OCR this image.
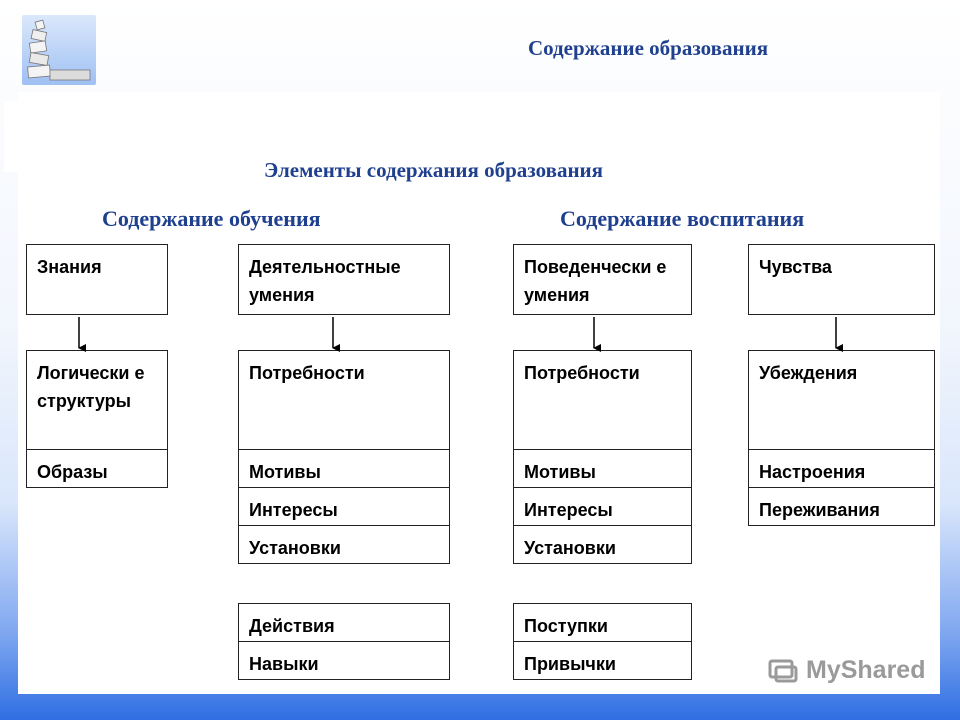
Содержание образования
Элементы содержания образования
Содержание обучения	Содержание воспитания
Знания
Логически е структуры
Образы
Деятельностные умения
Потребности
Мотивы
Интересы
Установки
Действия
Навыки
Поведенчески е умения
Потребности
Мотивы
Интересы
Установки
Поступки
Привычки
Чувства
Убеждения
Настроения
Переживания
MyShared
